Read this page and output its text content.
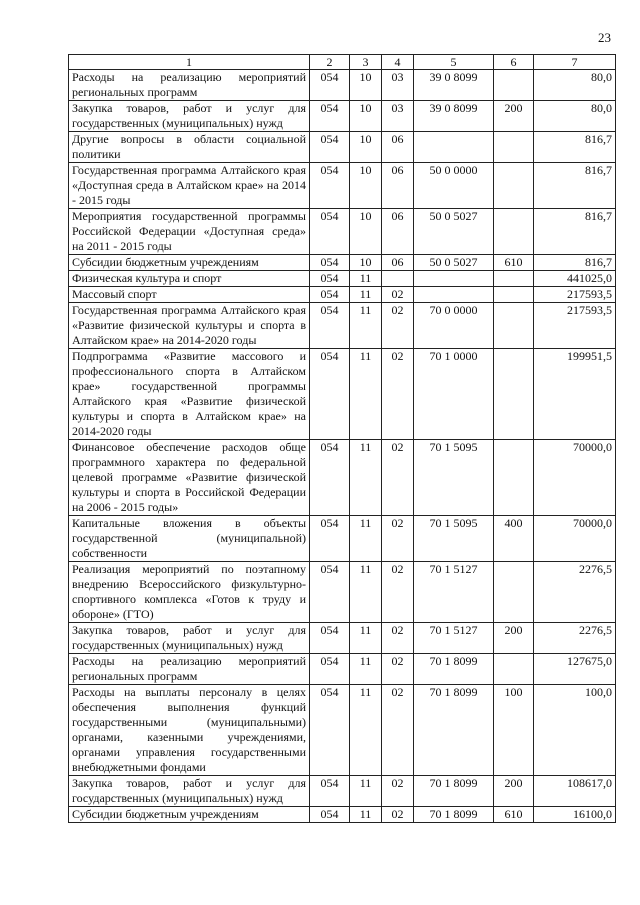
23
1	2	3	4	5	6	7
Расходы на реализацию мероприятий региональных программ	054	10	03	39 0 8099		80,0
Закупка товаров, работ и услуг для государственных (муниципальных) нужд	054	10	03	39 0 8099	200	80,0
Другие вопросы в области социальной политики	054	10	06			816,7
Государственная программа Алтайского края «Доступная среда в Алтайском крае» на 2014 - 2015 годы	054	10	06	50 0 0000		816,7
Мероприятия государственной программы Российской Федерации «Доступная среда» на 2011 - 2015 годы	054	10	06	50 0 5027		816,7
Субсидии бюджетным учреждениям	054	10	06	50 0 5027	610	816,7
Физическая культура и спорт	054	11				441025,0
Массовый спорт	054	11	02			217593,5
Государственная программа Алтайского края «Развитие физической культуры и спорта в Алтайском крае» на 2014-2020 годы	054	11	02	70 0 0000		217593,5
Подпрограмма «Развитие массового и профессионального спорта в Алтайском крае» государственной программы Алтайского края «Развитие физической культуры и спорта в Алтайском крае» на 2014-2020 годы	054	11	02	70 1 0000		199951,5
Финансовое обеспечение расходов обще программного характера по федеральной целевой программе «Развитие физической культуры и спорта в Российской Федерации на 2006 - 2015 годы»	054	11	02	70 1 5095		70000,0
Капитальные вложения в объекты государственной (муниципальной) собственности	054	11	02	70 1 5095	400	70000,0
Реализация мероприятий по поэтапному внедрению Всероссийского физкультурно-спортивного комплекса «Готов к труду и обороне» (ГТО)	054	11	02	70 1 5127		2276,5
Закупка товаров, работ и услуг для государственных (муниципальных) нужд	054	11	02	70 1 5127	200	2276,5
Расходы на реализацию мероприятий региональных программ	054	11	02	70 1 8099		127675,0
Расходы на выплаты персоналу в целях обеспечения выполнения функций государственными (муниципальными) органами, казенными учреждениями, органами управления государственными внебюджетными фондами	054	11	02	70 1 8099	100	100,0
Закупка товаров, работ и услуг для государственных (муниципальных) нужд	054	11	02	70 1 8099	200	108617,0
Субсидии бюджетным учреждениям	054	11	02	70 1 8099	610	16100,0
